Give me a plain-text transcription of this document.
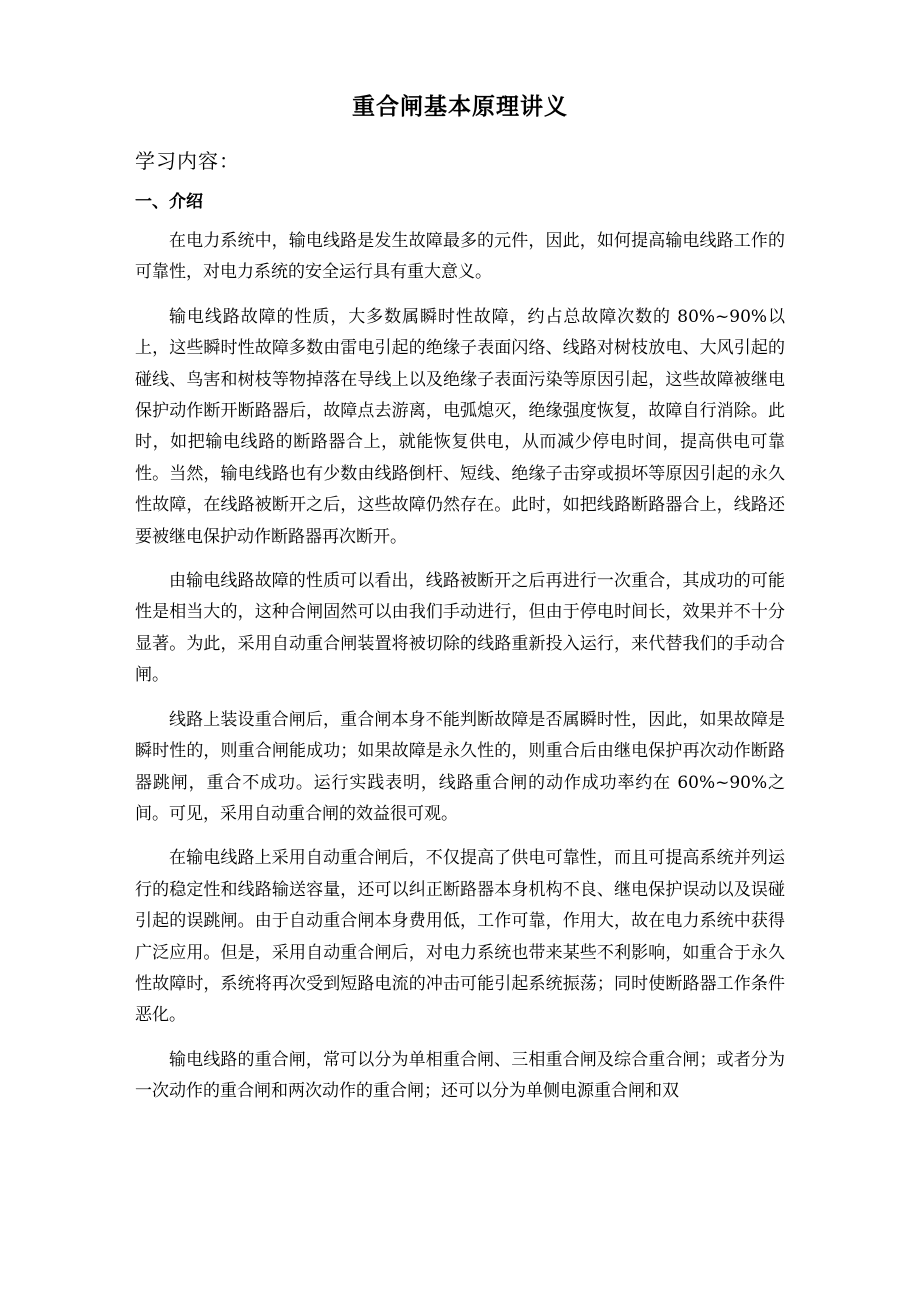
重合闸基本原理讲义
学习内容：
一、介绍

在电力系统中，输电线路是发生故障最多的元件，因此，如何提高输电线路工作的可靠性，对电力系统的安全运行具有重大意义。

输电线路故障的性质，大多数属瞬时性故障，约占总故障次数的 80%~90%以上，这些瞬时性故障多数由雷电引起的绝缘子表面闪络、线路对树枝放电、大风引起的碰线、鸟害和树枝等物掉落在导线上以及绝缘子表面污染等原因引起，这些故障被继电保护动作断开断路器后，故障点去游离，电弧熄灭，绝缘强度恢复，故障自行消除。此时，如把输电线路的断路器合上，就能恢复供电，从而减少停电时间，提高供电可靠性。当然，输电线路也有少数由线路倒杆、短线、绝缘子击穿或损坏等原因引起的永久性故障，在线路被断开之后，这些故障仍然存在。此时，如把线路断路器合上，线路还要被继电保护动作断路器再次断开。

由输电线路故障的性质可以看出，线路被断开之后再进行一次重合，其成功的可能性是相当大的，这种合闸固然可以由我们手动进行，但由于停电时间长，效果并不十分显著。为此，采用自动重合闸装置将被切除的线路重新投入运行，来代替我们的手动合闸。

线路上装设重合闸后，重合闸本身不能判断故障是否属瞬时性，因此，如果故障是瞬时性的，则重合闸能成功；如果故障是永久性的，则重合后由继电保护再次动作断路器跳闸，重合不成功。运行实践表明，线路重合闸的动作成功率约在 60%~90%之间。可见，采用自动重合闸的效益很可观。

在输电线路上采用自动重合闸后，不仅提高了供电可靠性，而且可提高系统并列运行的稳定性和线路输送容量，还可以纠正断路器本身机构不良、继电保护误动以及误碰引起的误跳闸。由于自动重合闸本身费用低，工作可靠，作用大，故在电力系统中获得广泛应用。但是，采用自动重合闸后，对电力系统也带来某些不利影响，如重合于永久性故障时，系统将再次受到短路电流的冲击可能引起系统振荡；同时使断路器工作条件恶化。

输电线路的重合闸，常可以分为单相重合闸、三相重合闸及综合重合闸；或者分为一次动作的重合闸和两次动作的重合闸；还可以分为单侧电源重合闸和双
